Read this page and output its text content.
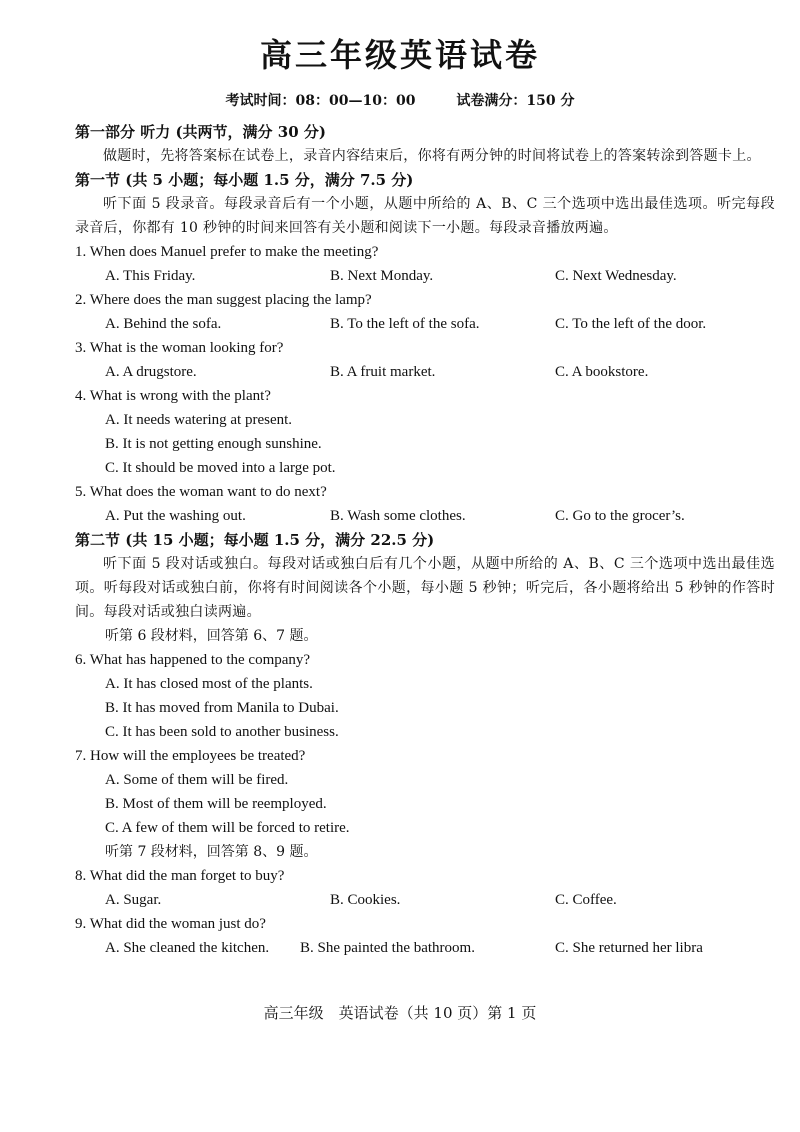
高三年级英语试卷
考试时间：08：00—10：00	试卷满分：150 分
第一部分 听力 (共两节，满分 30 分)
做题时，先将答案标在试卷上，录音内容结束后，你将有两分钟的时间将试卷上的答案转涂到答题卡上。
第一节 (共 5 小题；每小题 1.5 分，满分 7.5 分)
听下面 5 段录音。每段录音后有一个小题，从题中所给的 A、B、C 三个选项中选出最佳选项。听完每段录音后，你都有 10 秒钟的时间来回答有关小题和阅读下一小题。每段录音播放两遍。
1. When does Manuel prefer to make the meeting?
A. This Friday.	B. Next Monday.	C. Next Wednesday.
2. Where does the man suggest placing the lamp?
A. Behind the sofa.	B. To the left of the sofa.	C. To the left of the door.
3. What is the woman looking for?
A. A drugstore.	B. A fruit market.	C. A bookstore.
4. What is wrong with the plant?
A. It needs watering at present.
B. It is not getting enough sunshine.
C. It should be moved into a large pot.
5. What does the woman want to do next?
A. Put the washing out.	B. Wash some clothes.	C. Go to the grocer’s.
第二节 (共 15 小题；每小题 1.5 分，满分 22.5 分)
听下面 5 段对话或独白。每段对话或独白后有几个小题，从题中所给的 A、B、C 三个选项中选出最佳选项。听每段对话或独白前，你将有时间阅读各个小题，每小题 5 秒钟；听完后，各小题将给出 5 秒钟的作答时间。每段对话或独白读两遍。
听第 6 段材料，回答第 6、7 题。
6. What has happened to the company?
A. It has closed most of the plants.
B. It has moved from Manila to Dubai.
C. It has been sold to another business.
7. How will the employees be treated?
A. Some of them will be fired.
B. Most of them will be reemployed.
C. A few of them will be forced to retire.
听第 7 段材料，回答第 8、9 题。
8. What did the man forget to buy?
A. Sugar.	B. Cookies.	C. Coffee.
9. What did the woman just do?
A. She cleaned the kitchen.	B. She painted the bathroom.	C. She returned her libra
高三年级　英语试卷（共 10 页）第 1 页
